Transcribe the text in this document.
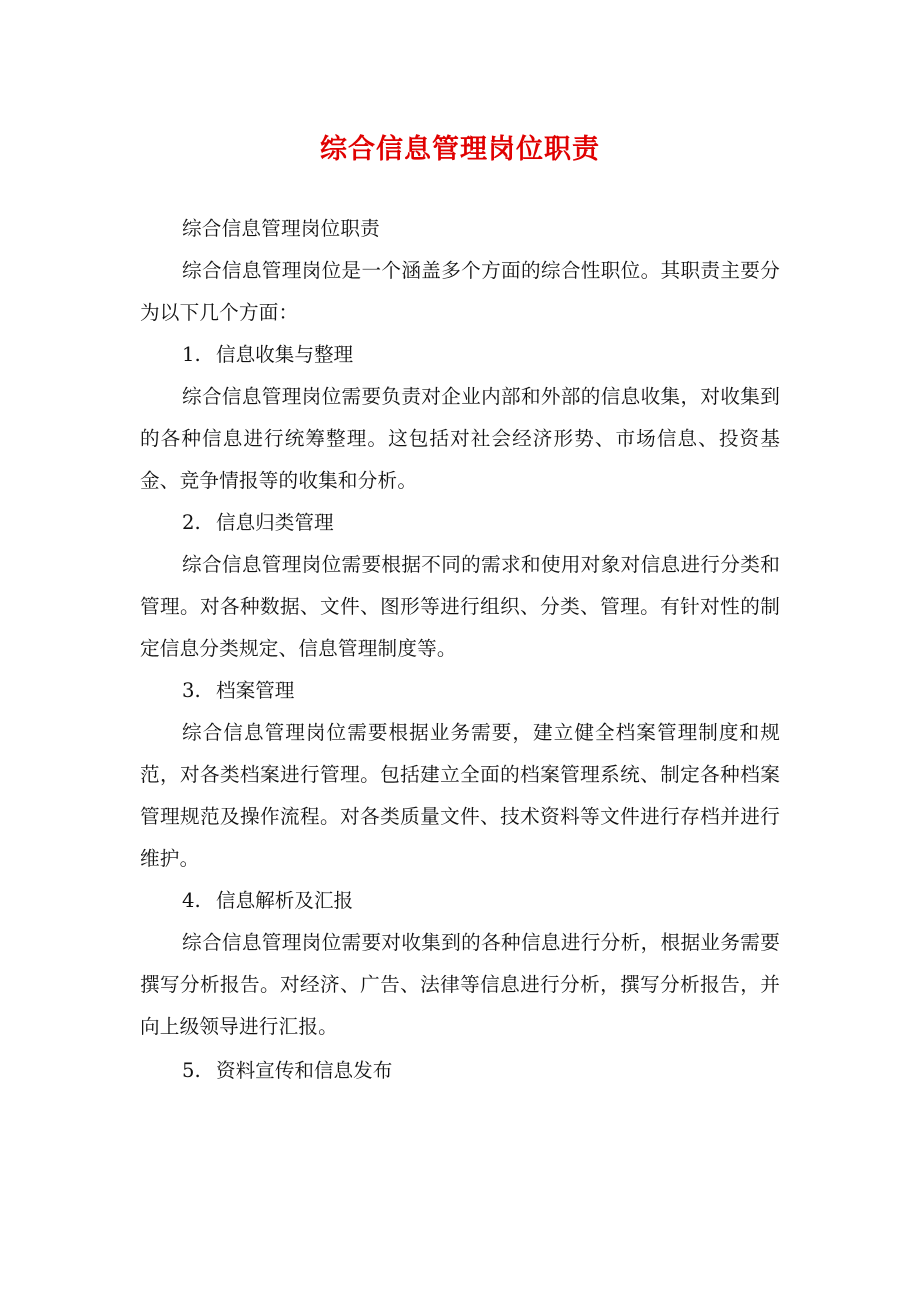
综合信息管理岗位职责

综合信息管理岗位职责

综合信息管理岗位是一个涵盖多个方面的综合性职位。其职责主要分为以下几个方面：

1. 信息收集与整理

综合信息管理岗位需要负责对企业内部和外部的信息收集，对收集到的各种信息进行统筹整理。这包括对社会经济形势、市场信息、投资基金、竞争情报等的收集和分析。

2. 信息归类管理

综合信息管理岗位需要根据不同的需求和使用对象对信息进行分类和管理。对各种数据、文件、图形等进行组织、分类、管理。有针对性的制定信息分类规定、信息管理制度等。

3. 档案管理

综合信息管理岗位需要根据业务需要，建立健全档案管理制度和规范，对各类档案进行管理。包括建立全面的档案管理系统、制定各种档案管理规范及操作流程。对各类质量文件、技术资料等文件进行存档并进行维护。

4. 信息解析及汇报

综合信息管理岗位需要对收集到的各种信息进行分析，根据业务需要撰写分析报告。对经济、广告、法律等信息进行分析，撰写分析报告，并向上级领导进行汇报。

5. 资料宣传和信息发布
